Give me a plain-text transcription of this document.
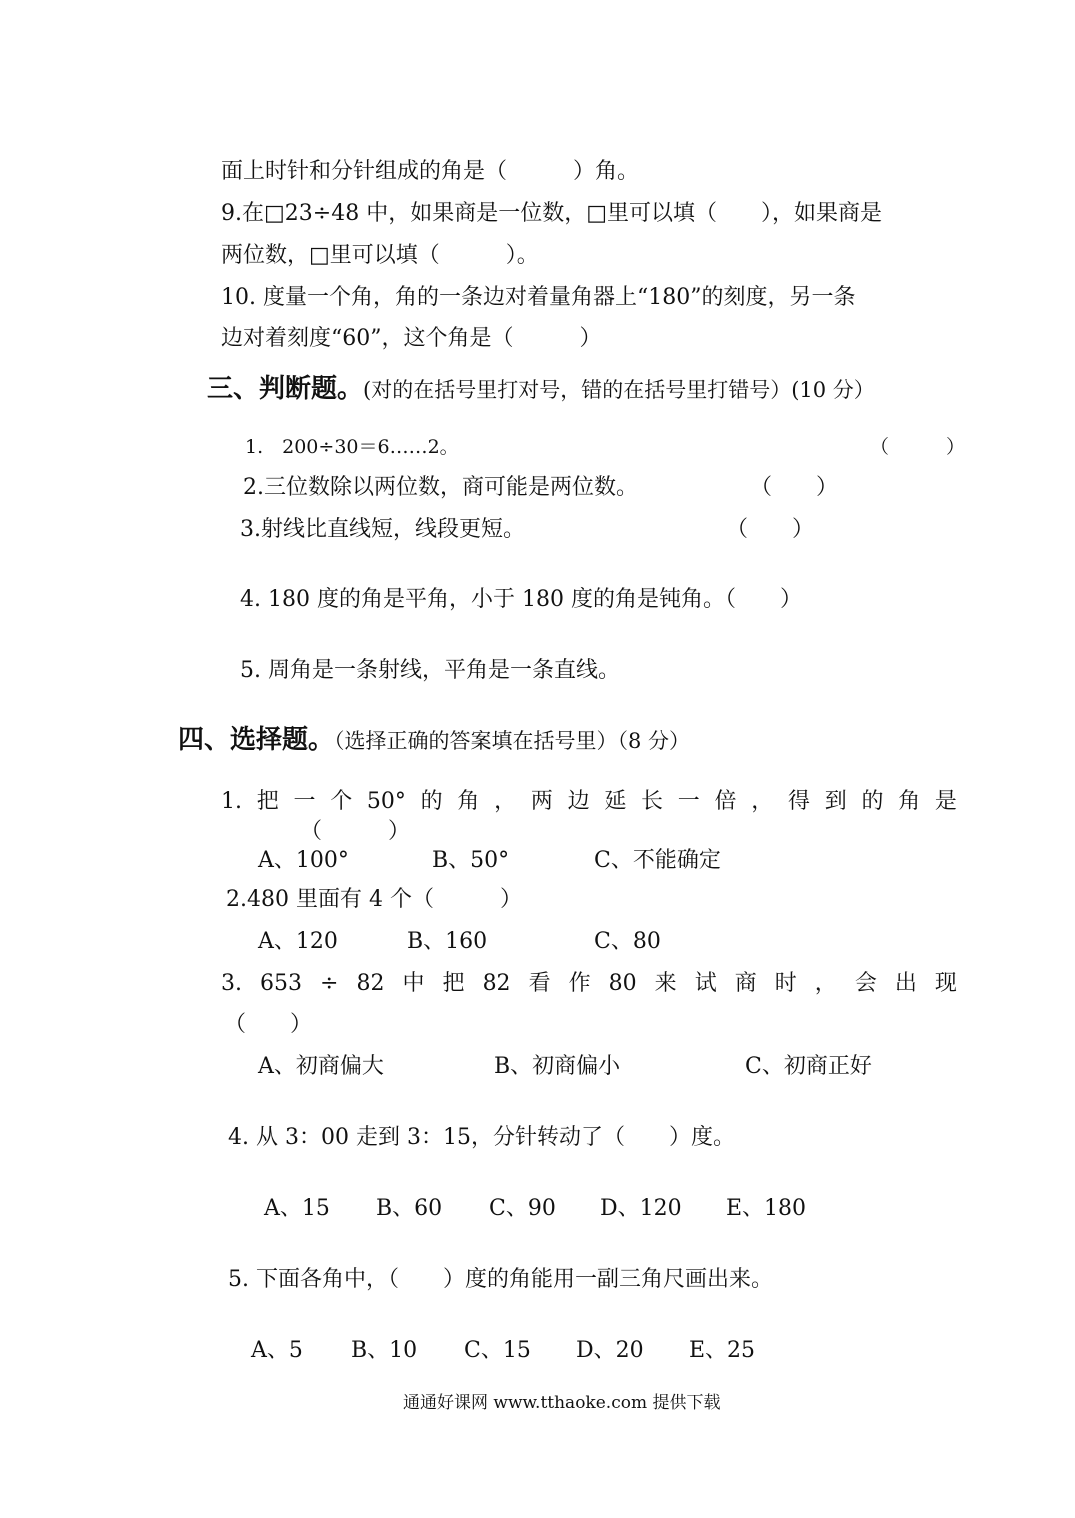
面上时针和分针组成的角是（　　　）角。
9.在□23÷48 中，如果商是一位数，□里可以填（　　），如果商是
两位数，□里可以填（　　　）。
10. 度量一个角，角的一条边对着量角器上“180”的刻度，另一条
边对着刻度“60”，这个角是（　　　）
三、判断题。(对的在括号里打对号，错的在括号里打错号）(10 分）
1.　200÷30＝6……2。	（　　　）
2.三位数除以两位数，商可能是两位数。	（　　）
3.射线比直线短，线段更短。	（　　）
4. 180 度的角是平角，小于 180 度的角是钝角。（　　）
5. 周角是一条射线，平角是一条直线。
四、选择题。（选择正确的答案填在括号里）（8 分）
1. 把 一 个 50° 的 角 ， 两 边 延 长 一 倍 ， 得 到 的 角 是
（　　　）
A、100°	B、50°	C、不能确定
2.480 里面有 4 个（　　　）
A、120	B、160	C、80
3. 653 ÷ 82 中 把 82 看 作 80 来 试 商 时 ， 会 出 现
（　　）
A、初商偏大	B、初商偏小	C、初商正好
4. 从 3：00 走到 3：15，分针转动了（　　）度。
A、15 B、60 C、90 D、120 E、180
5. 下面各角中，（　　）度的角能用一副三角尺画出来。
A、5 B、10 C、15 D、20 E、25
通通好课网 www.tthaoke.com 提供下载
